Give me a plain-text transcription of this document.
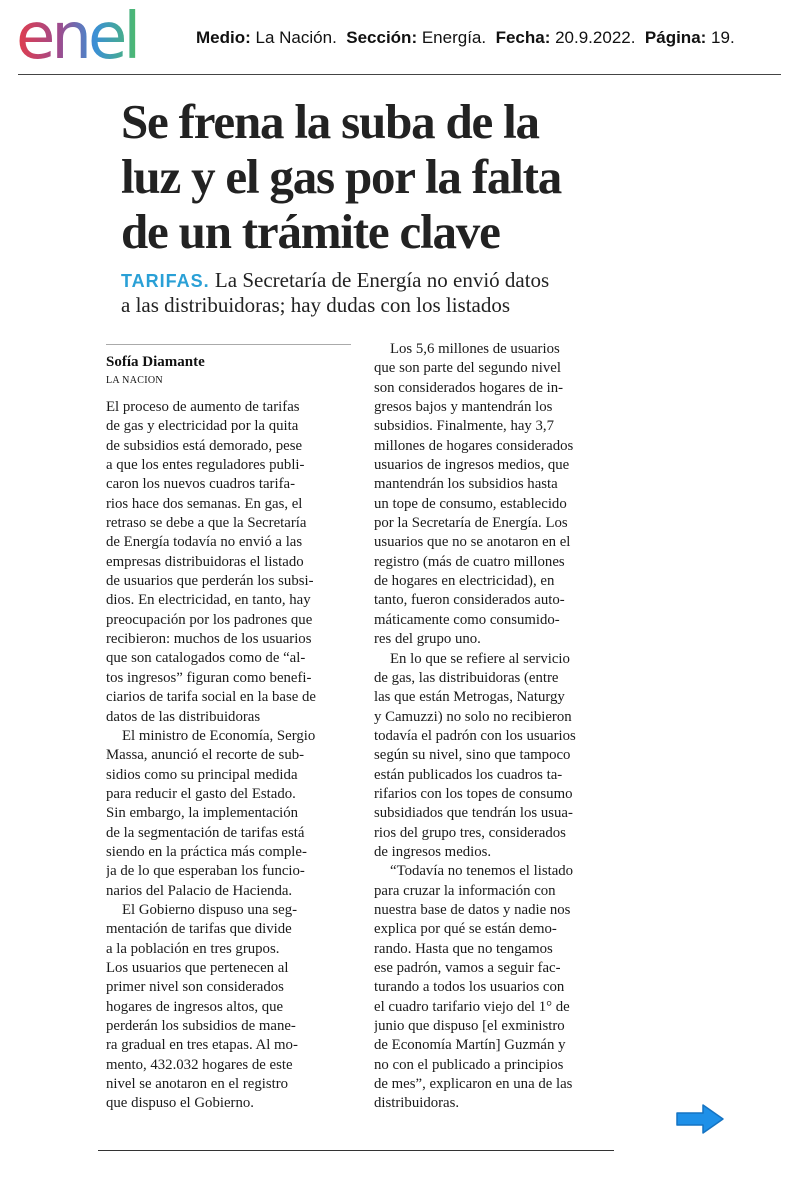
enel	Medio: La Nación. Sección: Energía. Fecha: 20.9.2022. Página: 19.
Se frena la suba de la
luz y el gas por la falta
de un trámite clave
TARIFAS. La Secretaría de Energía no envió datos
a las distribuidoras; hay dudas con los listados
Sofía Diamante
LA NACION
El proceso de aumento de tarifas
de gas y electricidad por la quita
de subsidios está demorado, pese
a que los entes reguladores publi-
caron los nuevos cuadros tarifa-
rios hace dos semanas. En gas, el
retraso se debe a que la Secretaría
de Energía todavía no envió a las
empresas distribuidoras el listado
de usuarios que perderán los subsi-
dios. En electricidad, en tanto, hay
preocupación por los padrones que
recibieron: muchos de los usuarios
que son catalogados como de “al-
tos ingresos” figuran como benefi-
ciarios de tarifa social en la base de
datos de las distribuidoras
El ministro de Economía, Sergio
Massa, anunció el recorte de sub-
sidios como su principal medida
para reducir el gasto del Estado.
Sin embargo, la implementación
de la segmentación de tarifas está
siendo en la práctica más comple-
ja de lo que esperaban los funcio-
narios del Palacio de Hacienda.
El Gobierno dispuso una seg-
mentación de tarifas que divide
a la población en tres grupos.
Los usuarios que pertenecen al
primer nivel son considerados
hogares de ingresos altos, que
perderán los subsidios de mane-
ra gradual en tres etapas. Al mo-
mento, 432.032 hogares de este
nivel se anotaron en el registro
que dispuso el Gobierno.
Los 5,6 millones de usuarios
que son parte del segundo nivel
son considerados hogares de in-
gresos bajos y mantendrán los
subsidios. Finalmente, hay 3,7
millones de hogares considerados
usuarios de ingresos medios, que
mantendrán los subsidios hasta
un tope de consumo, establecido
por la Secretaría de Energía. Los
usuarios que no se anotaron en el
registro (más de cuatro millones
de hogares en electricidad), en
tanto, fueron considerados auto-
máticamente como consumido-
res del grupo uno.
En lo que se refiere al servicio
de gas, las distribuidoras (entre
las que están Metrogas, Naturgy
y Camuzzi) no solo no recibieron
todavía el padrón con los usuarios
según su nivel, sino que tampoco
están publicados los cuadros ta-
rifarios con los topes de consumo
subsidiados que tendrán los usua-
rios del grupo tres, considerados
de ingresos medios.
“Todavía no tenemos el listado
para cruzar la información con
nuestra base de datos y nadie nos
explica por qué se están demo-
rando. Hasta que no tengamos
ese padrón, vamos a seguir fac-
turando a todos los usuarios con
el cuadro tarifario viejo del 1° de
junio que dispuso [el exministro
de Economía Martín] Guzmán y
no con el publicado a principios
de mes”, explicaron en una de las
distribuidoras.
